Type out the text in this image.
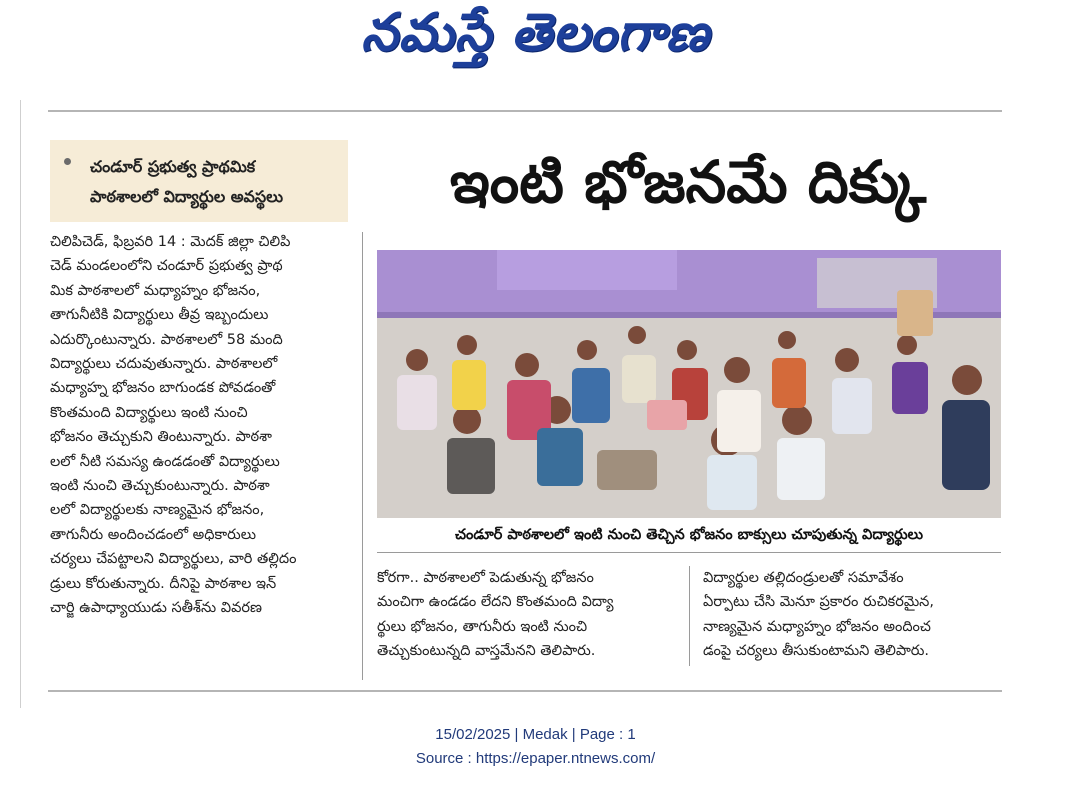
నమస్తే తెలంగాణ
చండూర్ ప్రభుత్వ ప్రాథమిక
పాఠశాలలో విద్యార్థుల అవస్థలు	ఇంటి భోజనమే దిక్కు
చిలిపిచెడ్, ఫిబ్రవరి 14 : మెదక్ జిల్లా చిలిపి
చెడ్ మండలంలోని చండూర్ ప్రభుత్వ ప్రాథ
మిక పాఠశాలలో మధ్యాహ్నం భోజనం,
తాగునీటికి విద్యార్థులు తీవ్ర ఇబ్బందులు
ఎదుర్కొంటున్నారు. పాఠశాలలో 58 మంది
విద్యార్థులు చదువుతున్నారు. పాఠశాలలో
మధ్యాహ్న భోజనం బాగుండక పోవడంతో
కొంతమంది విద్యార్థులు ఇంటి నుంచి
భోజనం తెచ్చుకుని తింటున్నారు. పాఠశా
లలో నీటి సమస్య ఉండడంతో విద్యార్థులు
ఇంటి నుంచి తెచ్చుకుంటున్నారు. పాఠశా
లలో విద్యార్థులకు నాణ్యమైన భోజనం,
తాగునీరు అందించడంలో అధికారులు
చర్యలు చేపట్టాలని విద్యార్థులు, వారి తల్లిదం
డ్రులు కోరుతున్నారు. దీనిపై పాఠశాల ఇన్
చార్జి ఉపాధ్యాయుడు సతీశ్‌ను వివరణ
చండూర్ పాఠశాలలో ఇంటి నుంచి తెచ్చిన భోజనం బాక్సులు చూపుతున్న విద్యార్థులు
కోరగా.. పాఠశాలలో పెడుతున్న భోజనం
మంచిగా ఉండడం లేదని కొంతమంది విద్యా
ర్థులు భోజనం, తాగునీరు ఇంటి నుంచి
తెచ్చుకుంటున్నది వాస్తమేనని తెలిపారు.
విద్యార్థుల తల్లిదండ్రులతో సమావేశం
ఏర్పాటు చేసి మెనూ ప్రకారం రుచికరమైన,
నాణ్యమైన మధ్యాహ్నం భోజనం అందించ
డంపై చర్యలు తీసుకుంటామని తెలిపారు.
15/02/2025 | Medak | Page : 1
Source : https://epaper.ntnews.com/
